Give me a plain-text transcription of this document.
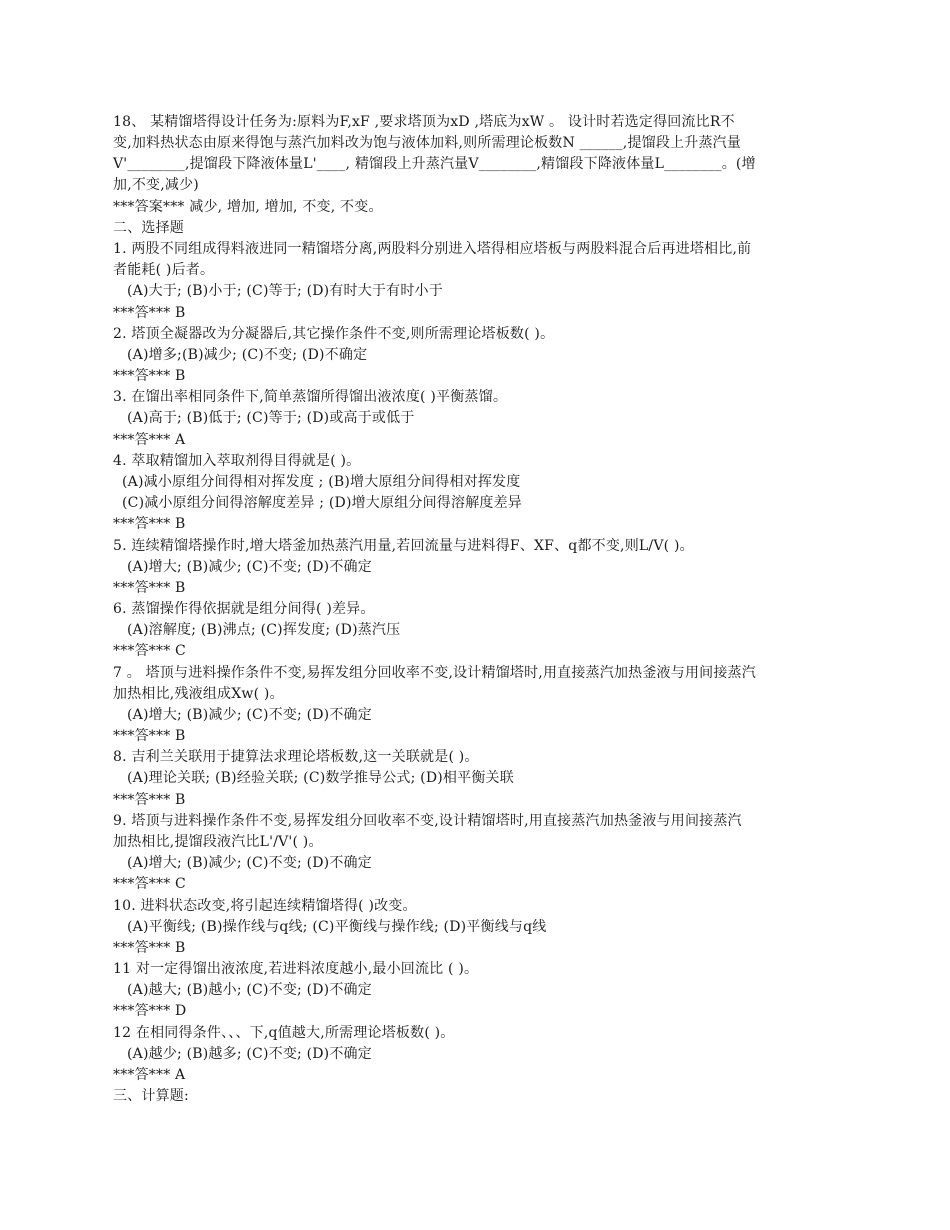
18、 某精馏塔得设计任务为:原料为F,xF ,要求塔顶为xD ,塔底为xW 。 设计时若选定得回流比R不
变,加料热状态由原来得饱与蒸汽加料改为饱与液体加料,则所需理论板数N ______,提馏段上升蒸汽量
V'________,提馏段下降液体量L'____, 精馏段上升蒸汽量V________,精馏段下降液体量L________。(增
加,不变,减少)
***答案*** 减少, 增加, 增加, 不变, 不变。
二、选择题
1. 两股不同组成得料液进同一精馏塔分离,两股料分别进入塔得相应塔板与两股料混合后再进塔相比,前
者能耗( )后者。
(A)大于; (B)小于; (C)等于; (D)有时大于有时小于
***答*** B
2. 塔顶全凝器改为分凝器后,其它操作条件不变,则所需理论塔板数( )。
(A)增多;(B)减少; (C)不变; (D)不确定
***答*** B
3. 在馏出率相同条件下,简单蒸馏所得馏出液浓度( )平衡蒸馏。
(A)高于; (B)低于; (C)等于; (D)或高于或低于
***答*** A
4. 萃取精馏加入萃取剂得目得就是( )。
(A)减小原组分间得相对挥发度 ; (B)增大原组分间得相对挥发度
(C)减小原组分间得溶解度差异 ; (D)增大原组分间得溶解度差异
***答*** B
5. 连续精馏塔操作时,增大塔釜加热蒸汽用量,若回流量与进料得F、XF、q都不变,则L/V( )。
(A)增大; (B)减少; (C)不变; (D)不确定
***答*** B
6. 蒸馏操作得依据就是组分间得( )差异。
(A)溶解度; (B)沸点; (C)挥发度; (D)蒸汽压
***答*** C
7 。 塔顶与进料操作条件不变,易挥发组分回收率不变,设计精馏塔时,用直接蒸汽加热釜液与用间接蒸汽
加热相比,残液组成Xw( )。
(A)增大; (B)减少; (C)不变; (D)不确定
***答*** B
8. 吉利兰关联用于捷算法求理论塔板数,这一关联就是( )。
(A)理论关联; (B)经验关联; (C)数学推导公式; (D)相平衡关联
***答*** B
9. 塔顶与进料操作条件不变,易挥发组分回收率不变,设计精馏塔时,用直接蒸汽加热釜液与用间接蒸汽
加热相比,提馏段液汽比L'/V'( )。
(A)增大; (B)减少; (C)不变; (D)不确定
***答*** C
10. 进料状态改变,将引起连续精馏塔得( )改变。
(A)平衡线; (B)操作线与q线; (C)平衡线与操作线; (D)平衡线与q线
***答*** B
11 对一定得馏出液浓度,若进料浓度越小,最小回流比 ( )。
(A)越大; (B)越小; (C)不变; (D)不确定
***答*** D
12 在相同得条件、、、下,q值越大,所需理论塔板数( )。
(A)越少; (B)越多; (C)不变; (D)不确定
***答*** A
三、计算题:
